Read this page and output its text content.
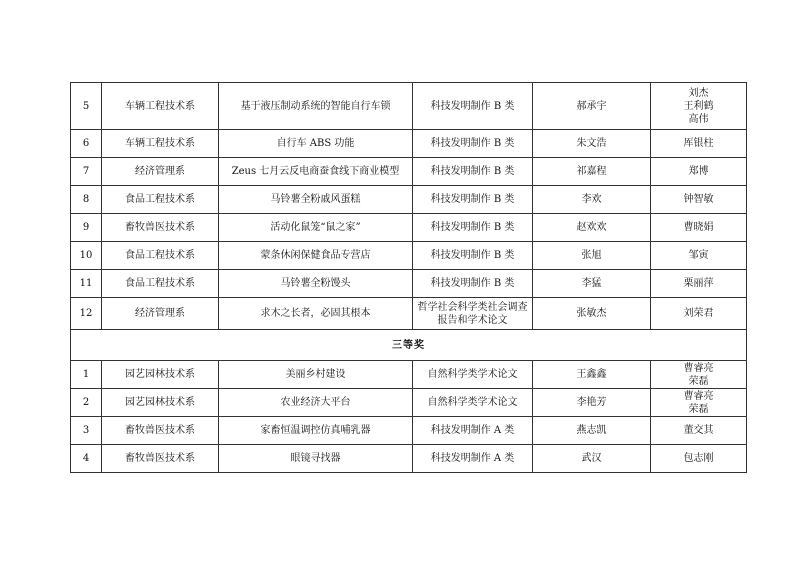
5	车辆工程技术系	基于液压制动系统的智能自行车锁	科技发明制作 B 类	郝承宇	刘杰
王利鹤
高伟

6	车辆工程技术系	自行车 ABS 功能	科技发明制作 B 类	朱文浩	厍银柱

7	经济管理系	Zeus 七月云反电商蚕食线下商业模型	科技发明制作 B 类	祁嘉程	郑博

8	食品工程技术系	马铃薯全粉戚风蛋糕	科技发明制作 B 类	李欢	钟智敏

9	畜牧兽医技术系	活动化鼠笼“鼠之家”	科技发明制作 B 类	赵欢欢	曹晓娟

10	食品工程技术系	蒙条休闲保健食品专营店	科技发明制作 B 类	张旭	邹寅

11	食品工程技术系	马铃薯全粉馒头	科技发明制作 B 类	李猛	栗丽萍

12	经济管理系	求木之长者，必固其根本	哲学社会科学类社会调查报告和学术论文	张敏杰	刘荣君

三等奖					
1	园艺园林技术系	美丽乡村建设	自然科学类学术论文	王鑫鑫	曹睿亮
荣磊

2	园艺园林技术系	农业经济大平台	自然科学类学术论文	李艳芳	曹睿亮
荣磊

3	畜牧兽医技术系	家畜恒温调控仿真哺乳器	科技发明制作 A 类	燕志凯	董交其

4	畜牧兽医技术系	眼镜寻找器	科技发明制作 A 类	武汉	包志刚
